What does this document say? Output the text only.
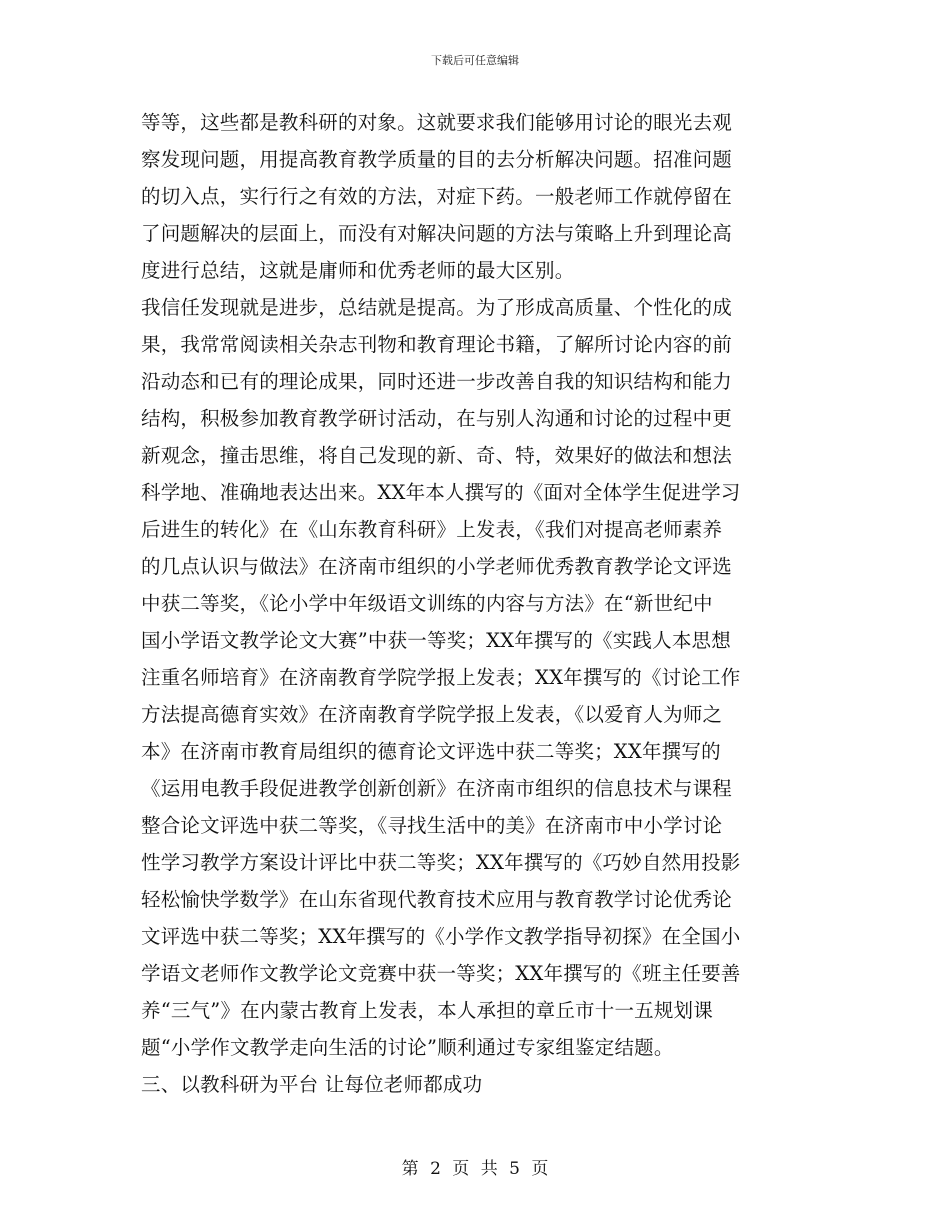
下载后可任意编辑
等等，这些都是教科研的对象。这就要求我们能够用讨论的眼光去观
察发现问题，用提高教育教学质量的目的去分析解决问题。招准问题
的切入点，实行行之有效的方法，对症下药。一般老师工作就停留在
了问题解决的层面上，而没有对解决问题的方法与策略上升到理论高
度进行总结，这就是庸师和优秀老师的最大区别。
我信任发现就是进步，总结就是提高。为了形成高质量、个性化的成
果，我常常阅读相关杂志刊物和教育理论书籍，了解所讨论内容的前
沿动态和已有的理论成果，同时还进一步改善自我的知识结构和能力
结构，积极参加教育教学研讨活动，在与别人沟通和讨论的过程中更
新观念，撞击思维，将自己发现的新、奇、特，效果好的做法和想法
科学地、准确地表达出来。XX年本人撰写的《面对全体学生促进学习
后进生的转化》在《山东教育科研》上发表，《我们对提高老师素养
的几点认识与做法》在济南市组织的小学老师优秀教育教学论文评选
中获二等奖，《论小学中年级语文训练的内容与方法》在“新世纪中
国小学语文教学论文大赛”中获一等奖；XX年撰写的《实践人本思想
注重名师培育》在济南教育学院学报上发表；XX年撰写的《讨论工作
方法提高德育实效》在济南教育学院学报上发表，《以爱育人为师之
本》在济南市教育局组织的德育论文评选中获二等奖；XX年撰写的
《运用电教手段促进教学创新创新》在济南市组织的信息技术与课程
整合论文评选中获二等奖，《寻找生活中的美》在济南市中小学讨论
性学习教学方案设计评比中获二等奖；XX年撰写的《巧妙自然用投影
轻松愉快学数学》在山东省现代教育技术应用与教育教学讨论优秀论
文评选中获二等奖；XX年撰写的《小学作文教学指导初探》在全国小
学语文老师作文教学论文竞赛中获一等奖；XX年撰写的《班主任要善
养“三气”》在内蒙古教育上发表，本人承担的章丘市十一五规划课
题“小学作文教学走向生活的讨论”顺利通过专家组鉴定结题。
三、以教科研为平台 让每位老师都成功
第 2 页 共 5 页
